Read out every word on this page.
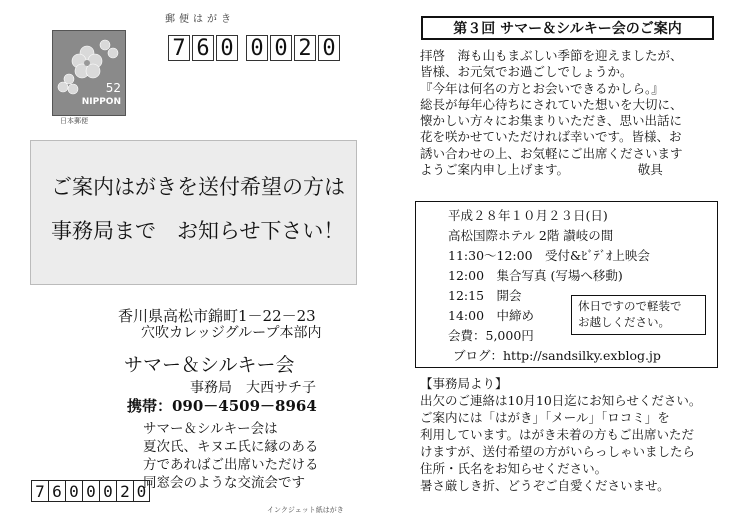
郵便はがき
52
NIPPON
日本郵便
7 6 0 0 0 2 0
ご案内はがきを送付希望の方は
事務局まで　お知らせ下さい！
香川県高松市錦町1－22－23
穴吹カレッジグループ本部内
サマー＆シルキー会
事務局　大西サチ子
携帯：090－4509－8964
サマー＆シルキー会は
夏次氏、キヌエ氏に縁のある
方であればご出席いただける
同窓会のような交流会です
7 6 0 0 0 2 0
インクジェット紙はがき
第３回 サマー＆シルキー会のご案内
拝啓　海も山もまぶしい季節を迎えましたが、
皆様、お元気でお過ごしでしょうか。
『今年は何名の方とお会いできるかしら。』
総長が毎年心待ちにされていた想いを大切に、
懐かしい方々にお集まりいただき、思い出話に
花を咲かせていただければ幸いです。皆様、お
誘い合わせの上、お気軽にご出席くださいます
ようご案内申し上げます。　　　　　　敬具
平成２８年１０月２３日(日)
高松国際ホテル 2階 讃岐の間
11:30～12:00　受付&ﾋﾞﾃﾞｵ上映会
12:00　集合写真 (写場へ移動)
12:15　開会
14:00　中締め
会費：5,000円
ブログ：http://sandsilky.exblog.jp
休日ですので軽装で
お越しください。
【事務局より】
出欠のご連絡は10月10日迄にお知らせください。
ご案内には「はがき」「メール」「ロコミ」を
利用しています。はがき未着の方もご出席いただ
けますが、送付希望の方がいらっしゃいましたら
住所・氏名をお知らせください。
暑さ厳しき折、どうぞご自愛くださいませ。
